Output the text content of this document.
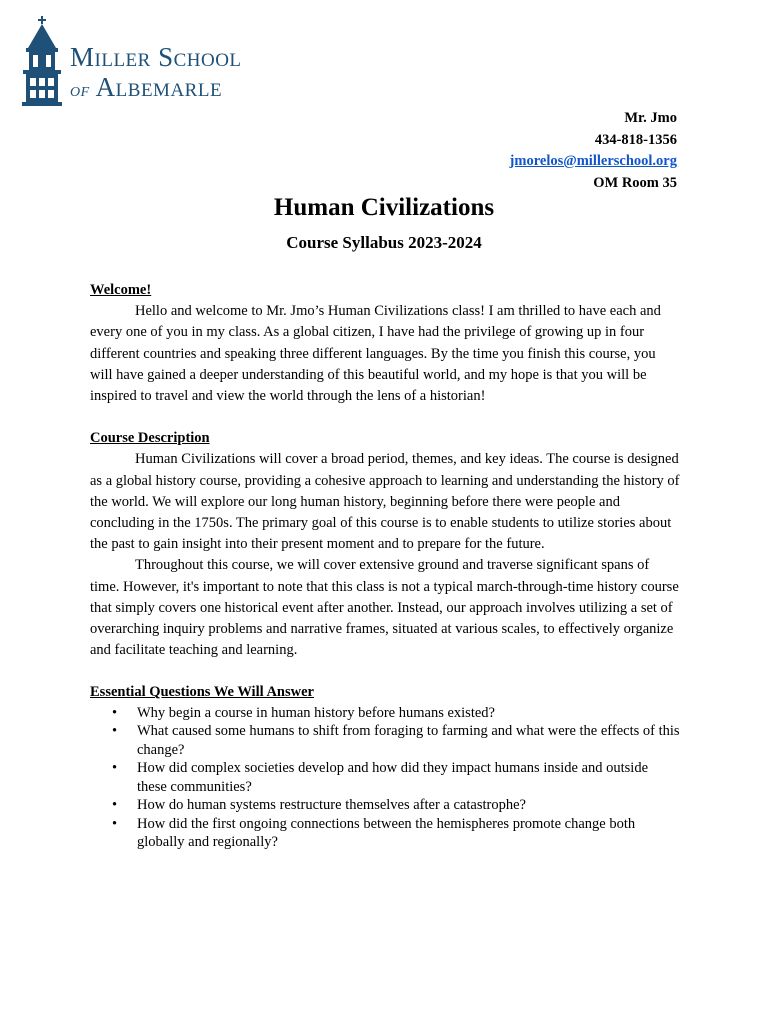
Miller School
of Albemarle
Mr. Jmo
434-818-1356
jmorelos@millerschool.org
OM Room 35
Human Civilizations
Course Syllabus 2023-2024

Welcome!

Hello and welcome to Mr. Jmo’s Human Civilizations class! I am thrilled to have each and every one of you in my class. As a global citizen, I have had the privilege of growing up in four different countries and speaking three different languages. By the time you finish this course, you will have gained a deeper understanding of this beautiful world, and my hope is that you will be inspired to travel and view the world through the lens of a historian!

Course Description

Human Civilizations will cover a broad period, themes, and key ideas. The course is designed as a global history course, providing a cohesive approach to learning and understanding the history of the world. We will explore our long human history, beginning before there were people and concluding in the 1750s. The primary goal of this course is to enable students to utilize stories about the past to gain insight into their present moment and to prepare for the future.

Throughout this course, we will cover extensive ground and traverse significant spans of time. However, it's important to note that this class is not a typical march-through-time history course that simply covers one historical event after another. Instead, our approach involves utilizing a set of overarching inquiry problems and narrative frames, situated at various scales, to effectively organize and facilitate teaching and learning.

Essential Questions We Will Answer

• Why begin a course in human history before humans existed?
• What caused some humans to shift from foraging to farming and what were the effects of this change?
• How did complex societies develop and how did they impact humans inside and outside these communities?
• How do human systems restructure themselves after a catastrophe?
• How did the first ongoing connections between the hemispheres promote change both globally and regionally?
